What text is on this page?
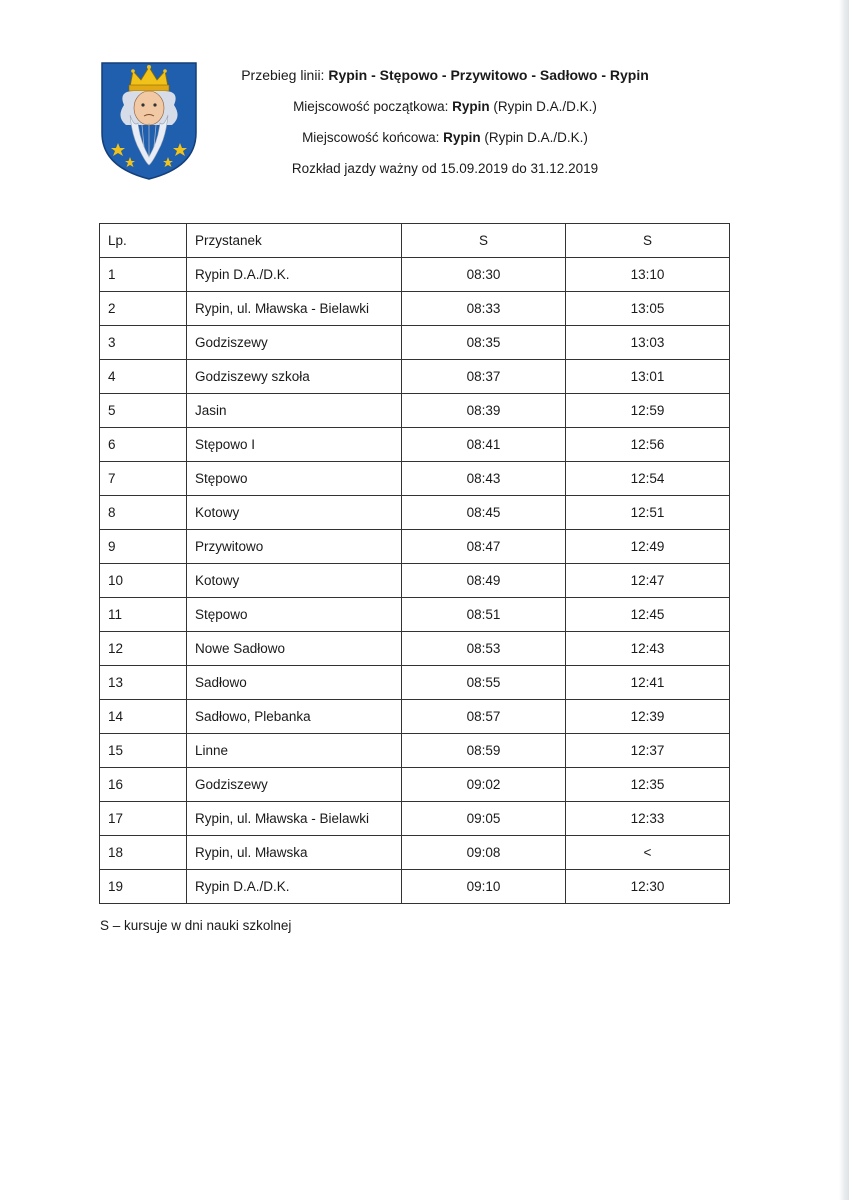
Przebieg linii: Rypin - Stępowo - Przywitowo - Sadłowo - Rypin
Miejscowość początkowa: Rypin (Rypin D.A./D.K.)
Miejscowość końcowa: Rypin (Rypin D.A./D.K.)
Rozkład jazdy ważny od 15.09.2019 do 31.12.2019
Lp.	Przystanek	S	S
1	Rypin D.A./D.K.	08:30	13:10
2	Rypin, ul. Mławska - Bielawki	08:33	13:05
3	Godziszewy	08:35	13:03
4	Godziszewy szkoła	08:37	13:01
5	Jasin	08:39	12:59
6	Stępowo I	08:41	12:56
7	Stępowo	08:43	12:54
8	Kotowy	08:45	12:51
9	Przywitowo	08:47	12:49
10	Kotowy	08:49	12:47
11	Stępowo	08:51	12:45
12	Nowe Sadłowo	08:53	12:43
13	Sadłowo	08:55	12:41
14	Sadłowo, Plebanka	08:57	12:39
15	Linne	08:59	12:37
16	Godziszewy	09:02	12:35
17	Rypin, ul. Mławska - Bielawki	09:05	12:33
18	Rypin, ul. Mławska	09:08	<
19	Rypin D.A./D.K.	09:10	12:30
S – kursuje w dni nauki szkolnej
